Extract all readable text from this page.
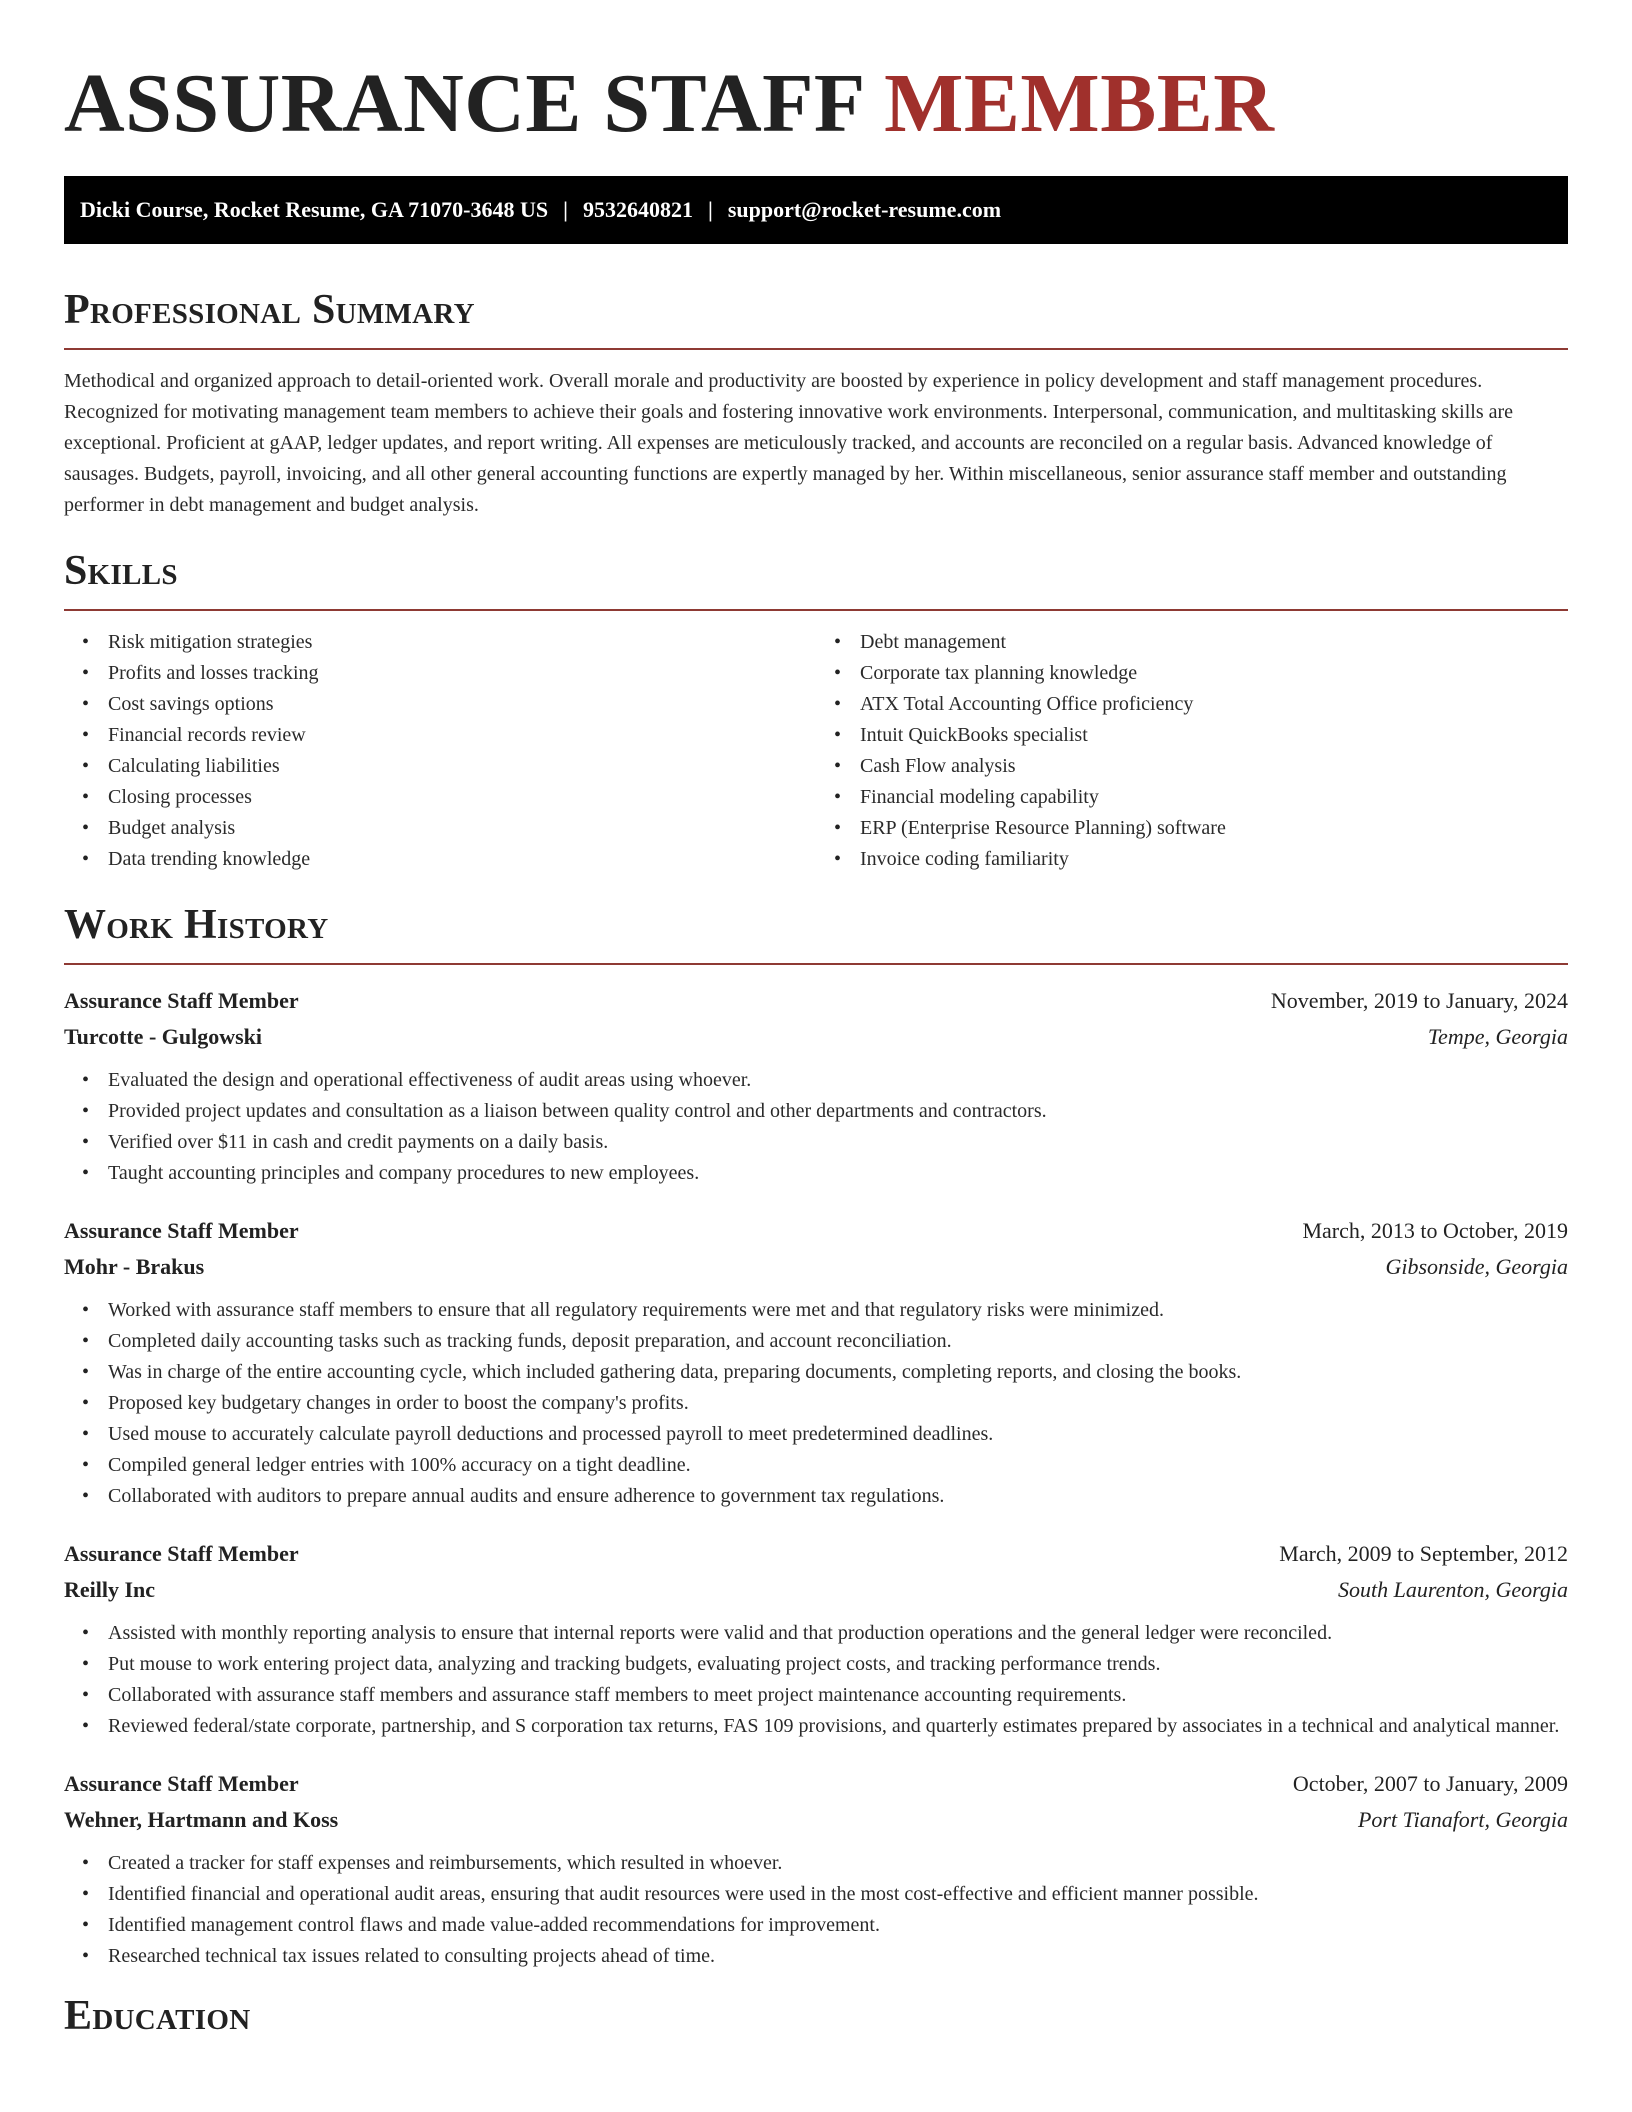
ASSURANCE STAFF MEMBER
Dicki Course, Rocket Resume, GA 71070-3648 US | 9532640821 | support@rocket-resume.com
Professional Summary

Methodical and organized approach to detail-oriented work. Overall morale and productivity are boosted by experience in policy development and staff management procedures. Recognized for motivating management team members to achieve their goals and fostering innovative work environments. Interpersonal, communication, and multitasking skills are exceptional. Proficient at gAAP, ledger updates, and report writing. All expenses are meticulously tracked, and accounts are reconciled on a regular basis. Advanced knowledge of sausages. Budgets, payroll, invoicing, and all other general accounting functions are expertly managed by her. Within miscellaneous, senior assurance staff member and outstanding performer in debt management and budget analysis.

Skills
• Risk mitigation strategies
• Profits and losses tracking
• Cost savings options
• Financial records review
• Calculating liabilities
• Closing processes
• Budget analysis
• Data trending knowledge
• Debt management
• Corporate tax planning knowledge
• ATX Total Accounting Office proficiency
• Intuit QuickBooks specialist
• Cash Flow analysis
• Financial modeling capability
• ERP (Enterprise Resource Planning) software
• Invoice coding familiarity
Work History
Assurance Staff Member	November, 2019 to January, 2024
Turcotte - Gulgowski	Tempe, Georgia
• Evaluated the design and operational effectiveness of audit areas using whoever.
• Provided project updates and consultation as a liaison between quality control and other departments and contractors.
• Verified over $11 in cash and credit payments on a daily basis.
• Taught accounting principles and company procedures to new employees.
Assurance Staff Member	March, 2013 to October, 2019
Mohr - Brakus	Gibsonside, Georgia
• Worked with assurance staff members to ensure that all regulatory requirements were met and that regulatory risks were minimized.
• Completed daily accounting tasks such as tracking funds, deposit preparation, and account reconciliation.
• Was in charge of the entire accounting cycle, which included gathering data, preparing documents, completing reports, and closing the books.
• Proposed key budgetary changes in order to boost the company's profits.
• Used mouse to accurately calculate payroll deductions and processed payroll to meet predetermined deadlines.
• Compiled general ledger entries with 100% accuracy on a tight deadline.
• Collaborated with auditors to prepare annual audits and ensure adherence to government tax regulations.
Assurance Staff Member	March, 2009 to September, 2012
Reilly Inc	South Laurenton, Georgia
• Assisted with monthly reporting analysis to ensure that internal reports were valid and that production operations and the general ledger were reconciled.
• Put mouse to work entering project data, analyzing and tracking budgets, evaluating project costs, and tracking performance trends.
• Collaborated with assurance staff members and assurance staff members to meet project maintenance accounting requirements.
• Reviewed federal/state corporate, partnership, and S corporation tax returns, FAS 109 provisions, and quarterly estimates prepared by associates in a technical and analytical manner.
Assurance Staff Member	October, 2007 to January, 2009
Wehner, Hartmann and Koss	Port Tianafort, Georgia
• Created a tracker for staff expenses and reimbursements, which resulted in whoever.
• Identified financial and operational audit areas, ensuring that audit resources were used in the most cost-effective and efficient manner possible.
• Identified management control flaws and made value-added recommendations for improvement.
• Researched technical tax issues related to consulting projects ahead of time.
Education
